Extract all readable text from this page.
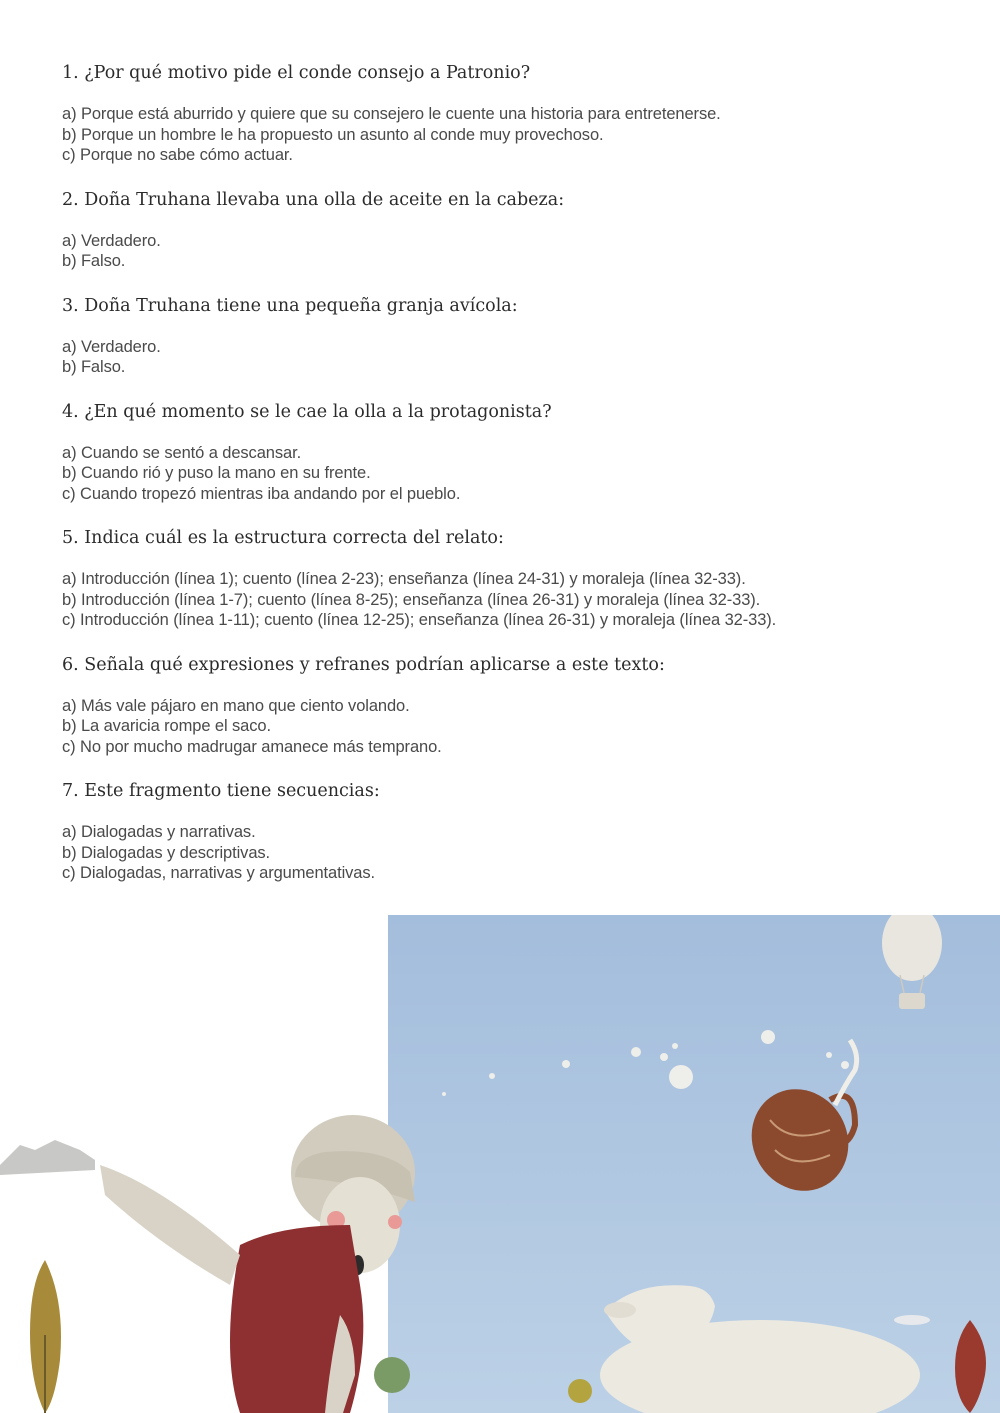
1. ¿Por qué motivo pide el conde consejo a Patronio?
a) Porque está aburrido y quiere que su consejero le cuente una historia para entretenerse.
b) Porque un hombre le ha propuesto un asunto al conde muy provechoso.
c) Porque no sabe cómo actuar.
2. Doña Truhana llevaba una olla de aceite en la cabeza:
a) Verdadero.
b) Falso.
3. Doña Truhana tiene una pequeña granja avícola:
a) Verdadero.
b) Falso.
4. ¿En qué momento se le cae la olla a la protagonista?
a) Cuando se sentó a descansar.
b) Cuando rió y puso la mano en su frente.
c) Cuando tropezó mientras iba andando por el pueblo.
5. Indica cuál es la estructura correcta del relato:
a) Introducción (línea 1); cuento (línea 2-23); enseñanza (línea 24-31) y moraleja (línea 32-33).
b) Introducción (línea 1-7); cuento (línea 8-25); enseñanza (línea 26-31) y moraleja (línea 32-33).
c) Introducción (línea 1-11); cuento (línea 12-25); enseñanza (línea 26-31) y moraleja (línea 32-33).
6. Señala qué expresiones y refranes podrían aplicarse a este texto:
a) Más vale pájaro en mano que ciento volando.
b) La avaricia rompe el saco.
c) No por mucho madrugar amanece más temprano.
7. Este fragmento tiene secuencias:
a) Dialogadas y narrativas.
b) Dialogadas y descriptivas.
c) Dialogadas, narrativas y argumentativas.
